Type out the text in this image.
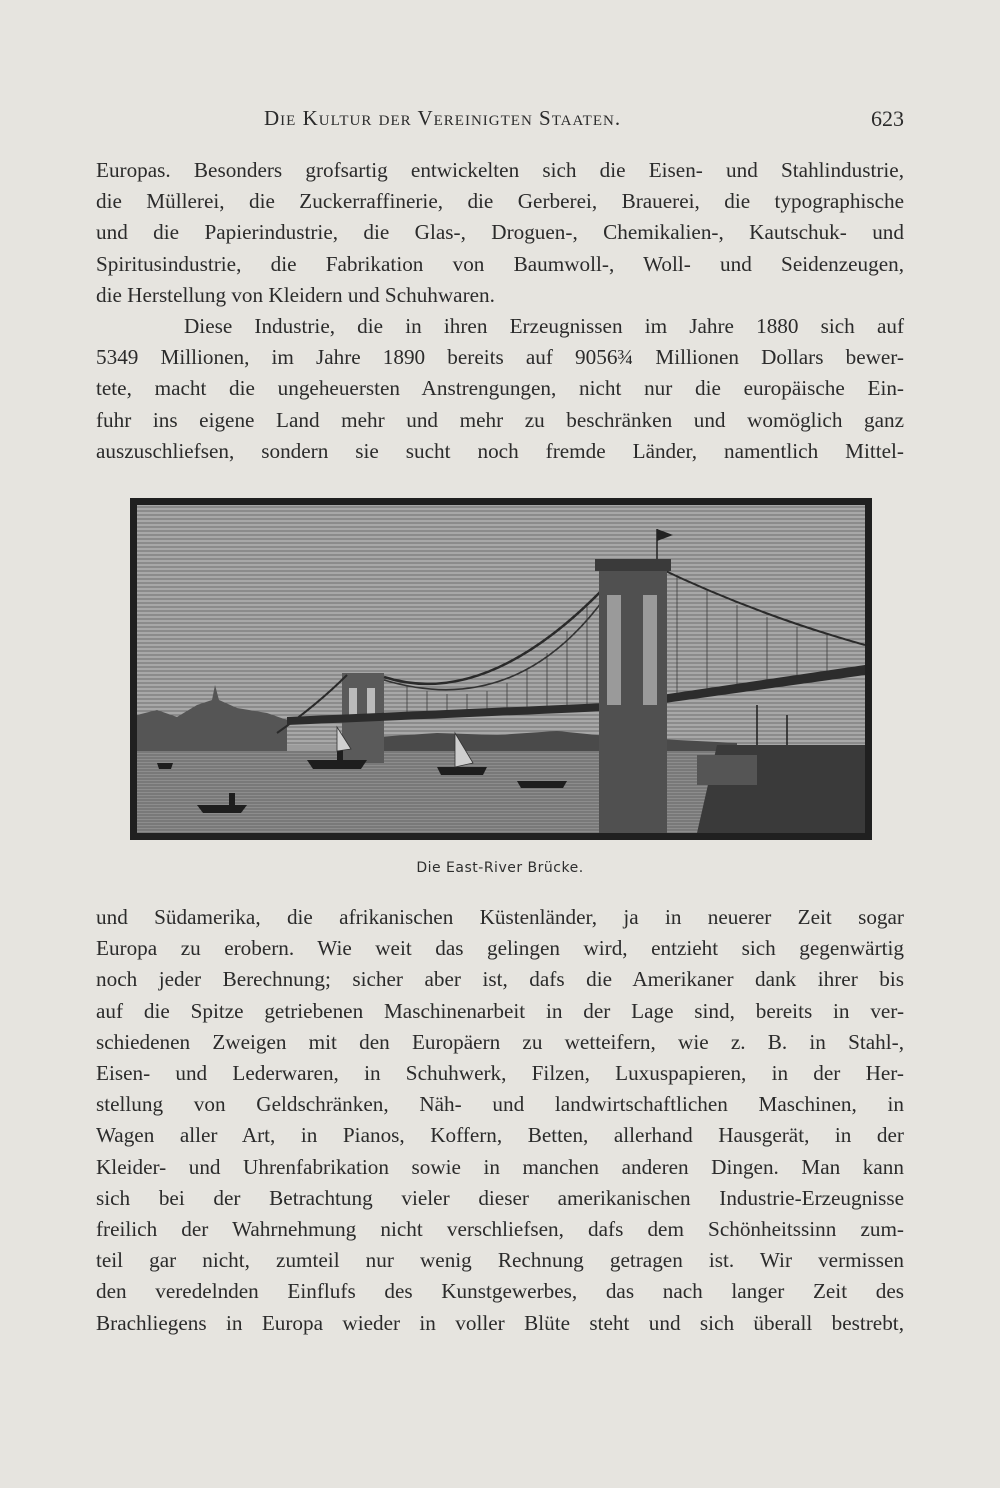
Die Kultur der Vereinigten Staaten.	623

Europas. Besonders grofsartig entwickelten sich die Eisen- und Stahlindustrie,
die Müllerei, die Zuckerraffinerie, die Gerberei, Brauerei, die typographische
und die Papierindustrie, die Glas-, Droguen-, Chemikalien-, Kautschuk- und
Spiritusindustrie, die Fabrikation von Baumwoll-, Woll- und Seidenzeugen,
die Herstellung von Kleidern und Schuhwaren.

Diese Industrie, die in ihren Erzeugnissen im Jahre 1880 sich auf
5349 Millionen, im Jahre 1890 bereits auf 9056¾ Millionen Dollars bewer-
tete, macht die ungeheuersten Anstrengungen, nicht nur die europäische Ein-
fuhr ins eigene Land mehr und mehr zu beschränken und womöglich ganz
auszuschliefsen, sondern sie sucht noch fremde Länder, namentlich Mittel-

Die East-River Brücke.

und Südamerika, die afrikanischen Küstenländer, ja in neuerer Zeit sogar
Europa zu erobern. Wie weit das gelingen wird, entzieht sich gegenwärtig
noch jeder Berechnung; sicher aber ist, dafs die Amerikaner dank ihrer bis
auf die Spitze getriebenen Maschinenarbeit in der Lage sind, bereits in ver-
schiedenen Zweigen mit den Europäern zu wetteifern, wie z. B. in Stahl-,
Eisen- und Lederwaren, in Schuhwerk, Filzen, Luxuspapieren, in der Her-
stellung von Geldschränken, Näh- und landwirtschaftlichen Maschinen, in
Wagen aller Art, in Pianos, Koffern, Betten, allerhand Hausgerät, in der
Kleider- und Uhrenfabrikation sowie in manchen anderen Dingen. Man kann
sich bei der Betrachtung vieler dieser amerikanischen Industrie-Erzeugnisse
freilich der Wahrnehmung nicht verschliefsen, dafs dem Schönheitssinn zum-
teil gar nicht, zumteil nur wenig Rechnung getragen ist. Wir vermissen
den veredelnden Einflufs des Kunstgewerbes, das nach langer Zeit des
Brachliegens in Europa wieder in voller Blüte steht und sich überall bestrebt,
